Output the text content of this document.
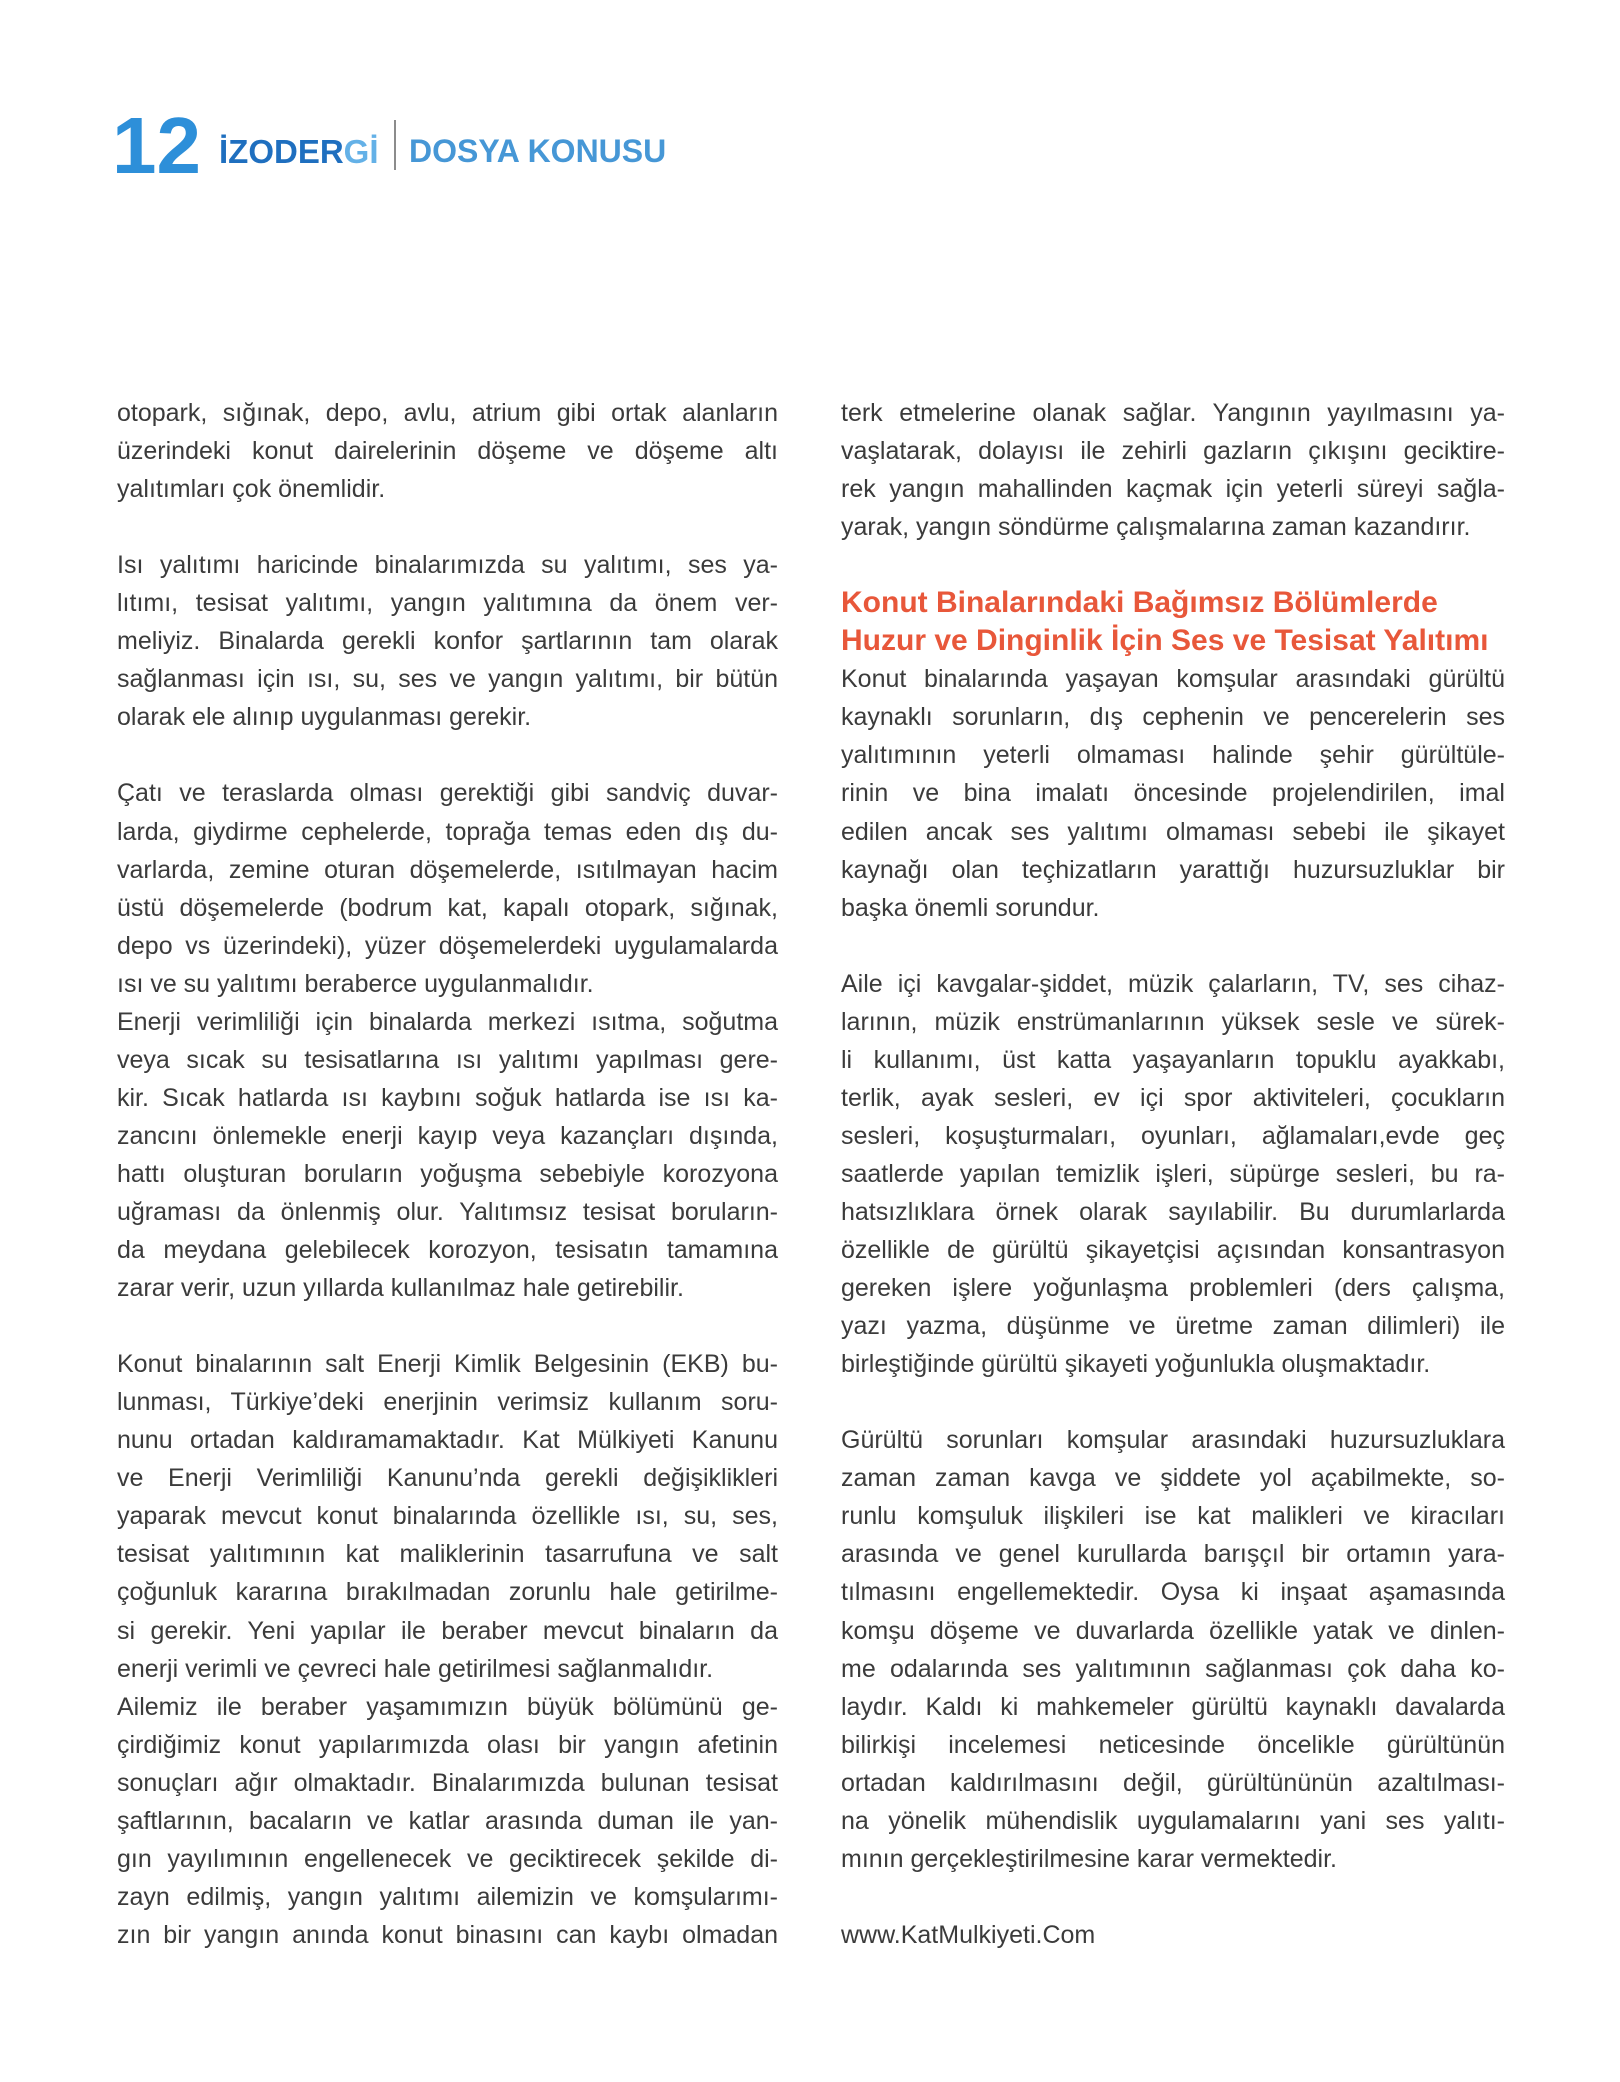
12 İZODERGİ DOSYA KONUSU
otopark, sığınak, depo, avlu, atrium gibi ortak alanların
üzerindeki konut dairelerinin döşeme ve döşeme altı
yalıtımları çok önemlidir.
Isı yalıtımı haricinde binalarımızda su yalıtımı, ses ya-
lıtımı, tesisat yalıtımı, yangın yalıtımına da önem ver-
meliyiz. Binalarda gerekli konfor şartlarının tam olarak
sağlanması için ısı, su, ses ve yangın yalıtımı, bir bütün
olarak ele alınıp uygulanması gerekir.
Çatı ve teraslarda olması gerektiği gibi sandviç duvar-
larda, giydirme cephelerde, toprağa temas eden dış du-
varlarda, zemine oturan döşemelerde, ısıtılmayan hacim
üstü döşemelerde (bodrum kat, kapalı otopark, sığınak,
depo vs üzerindeki), yüzer döşemelerdeki uygulamalarda
ısı ve su yalıtımı beraberce uygulanmalıdır.
Enerji verimliliği için binalarda merkezi ısıtma, soğutma
veya sıcak su tesisatlarına ısı yalıtımı yapılması gere-
kir. Sıcak hatlarda ısı kaybını soğuk hatlarda ise ısı ka-
zancını önlemekle enerji kayıp veya kazançları dışında,
hattı oluşturan boruların yoğuşma sebebiyle korozyona
uğraması da önlenmiş olur. Yalıtımsız tesisat boruların-
da meydana gelebilecek korozyon, tesisatın tamamına
zarar verir, uzun yıllarda kullanılmaz hale getirebilir.
Konut binalarının salt Enerji Kimlik Belgesinin (EKB) bu-
lunması, Türkiye’deki enerjinin verimsiz kullanım soru-
nunu ortadan kaldıramamaktadır. Kat Mülkiyeti Kanunu
ve Enerji Verimliliği Kanunu’nda gerekli değişiklikleri
yaparak mevcut konut binalarında özellikle ısı, su, ses,
tesisat yalıtımının kat maliklerinin tasarrufuna ve salt
çoğunluk kararına bırakılmadan zorunlu hale getirilme-
si gerekir. Yeni yapılar ile beraber mevcut binaların da
enerji verimli ve çevreci hale getirilmesi sağlanmalıdır.
Ailemiz ile beraber yaşamımızın büyük bölümünü ge-
çirdiğimiz konut yapılarımızda olası bir yangın afetinin
sonuçları ağır olmaktadır. Binalarımızda bulunan tesisat
şaftlarının, bacaların ve katlar arasında duman ile yan-
gın yayılımının engellenecek ve geciktirecek şekilde di-
zayn edilmiş, yangın yalıtımı ailemizin ve komşularımı-
zın bir yangın anında konut binasını can kaybı olmadan
terk etmelerine olanak sağlar. Yangının yayılmasını ya-
vaşlatarak, dolayısı ile zehirli gazların çıkışını geciktire-
rek yangın mahallinden kaçmak için yeterli süreyi sağla-
yarak, yangın söndürme çalışmalarına zaman kazandırır.
Konut Binalarındaki Bağımsız Bölümlerde
Huzur ve Dinginlik İçin Ses ve Tesisat Yalıtımı
Konut binalarında yaşayan komşular arasındaki gürültü
kaynaklı sorunların, dış cephenin ve pencerelerin ses
yalıtımının yeterli olmaması halinde şehir gürültüle-
rinin ve bina imalatı öncesinde projelendirilen, imal
edilen ancak ses yalıtımı olmaması sebebi ile şikayet
kaynağı olan teçhizatların yarattığı huzursuzluklar bir
başka önemli sorundur.
Aile içi kavgalar-şiddet, müzik çalarların, TV, ses cihaz-
larının, müzik enstrümanlarının yüksek sesle ve sürek-
li kullanımı, üst katta yaşayanların topuklu ayakkabı,
terlik, ayak sesleri, ev içi spor aktiviteleri, çocukların
sesleri, koşuşturmaları, oyunları, ağlamaları,evde geç
saatlerde yapılan temizlik işleri, süpürge sesleri, bu ra-
hatsızlıklara örnek olarak sayılabilir. Bu durumlarlarda
özellikle de gürültü şikayetçisi açısından konsantrasyon
gereken işlere yoğunlaşma problemleri (ders çalışma,
yazı yazma, düşünme ve üretme zaman dilimleri) ile
birleştiğinde gürültü şikayeti yoğunlukla oluşmaktadır.
Gürültü sorunları komşular arasındaki huzursuzluklara
zaman zaman kavga ve şiddete yol açabilmekte, so-
runlu komşuluk ilişkileri ise kat malikleri ve kiracıları
arasında ve genel kurullarda barışçıl bir ortamın yara-
tılmasını engellemektedir. Oysa ki inşaat aşamasında
komşu döşeme ve duvarlarda özellikle yatak ve dinlen-
me odalarında ses yalıtımının sağlanması çok daha ko-
laydır. Kaldı ki mahkemeler gürültü kaynaklı davalarda
bilirkişi incelemesi neticesinde öncelikle gürültünün
ortadan kaldırılmasını değil, gürültününün azaltılması-
na yönelik mühendislik uygulamalarını yani ses yalıtı-
mının gerçekleştirilmesine karar vermektedir.
www.KatMulkiyeti.Com
